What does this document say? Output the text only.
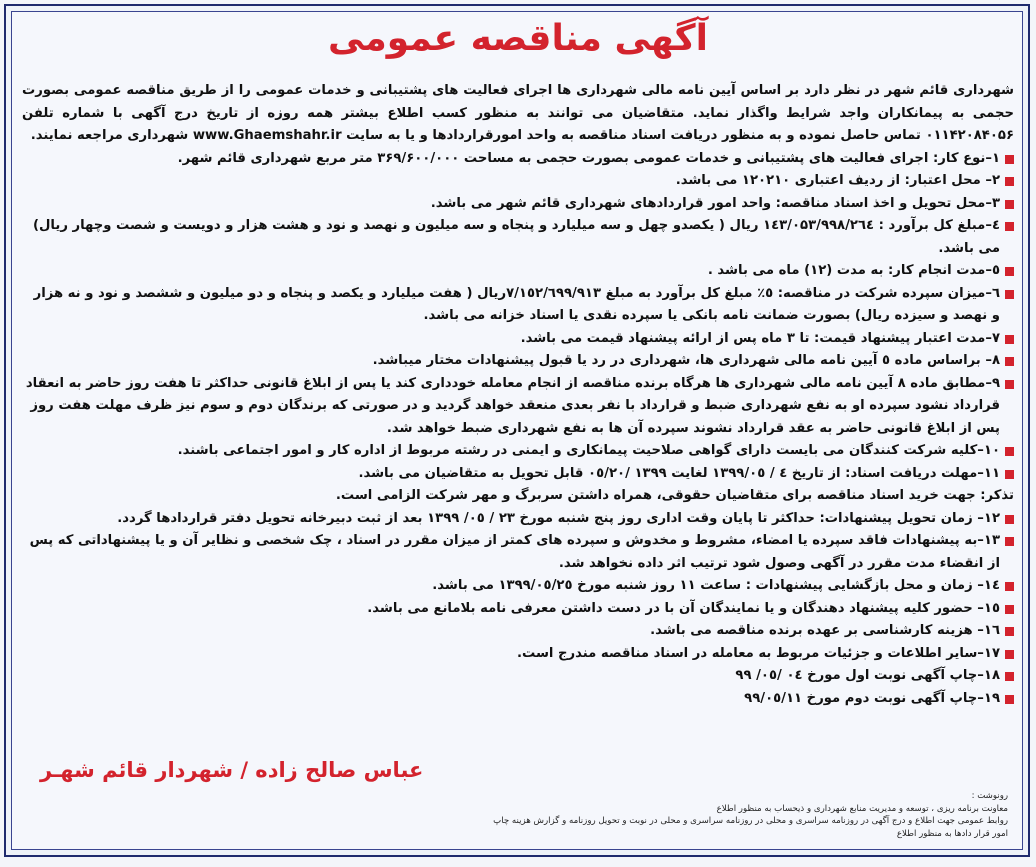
آگهی مناقصه عمومی

شهرداری قائم شهر در نظر دارد بر اساس آیین نامه مالی شهرداری ها اجرای فعالیت های پشتیبانی و خدمات عمومی را از طریق مناقصه عمومی بصورت حجمی به پیمانکاران واجد شرایط واگذار نماید. متقاضیان می توانند به منظور کسب اطلاع بیشتر همه روزه از تاریخ درج آگهی با شماره تلفن ۰۱۱۴۲۰۸۴۰۵۶ تماس حاصل نموده و به منظور دریافت اسناد مناقصه به واحد امورقراردادها و یا به سایت www.Ghaemshahr.ir شهرداری مراجعه نمایند.

۱–نوع کار: اجرای فعالیت های پشتیبانی و خدمات عمومی بصورت حجمی به مساحت ۳۶۹/۶۰۰/۰۰۰ متر مربع شهرداری قائم شهر.

۲– محل اعتبار: از ردیف اعتباری ۱۲۰۲۱۰ می باشد.

۳–محل تحویل و اخذ اسناد مناقصه: واحد امور قراردادهای شهرداری قائم شهر می باشد.

٤–مبلغ کل برآورد : ۱٤۳/۰۵۳/۹۹۸/۲٦٤ ریال ( یکصدو چهل و سه میلیارد و پنجاه و سه میلیون و نهصد و نود و هشت هزار و دویست و شصت وچهار ریال) می باشد.

٥–مدت انجام کار: به مدت (۱۲) ماه می باشد .

٦–میزان سپرده شرکت در مناقصه: ٥٪ مبلغ کل برآورد به مبلغ ۷/۱٥۲/٦۹۹/۹۱۳ریال ( هفت میلیارد و یکصد و پنجاه و دو میلیون و ششصد و نود و نه هزار و نهصد و سیزده ریال) بصورت ضمانت نامه بانکی یا سپرده نقدی یا اسناد خزانه می باشد.

۷–مدت اعتبار پیشنهاد قیمت: تا ۳ ماه پس از ارائه پیشنهاد قیمت می باشد.

۸– براساس ماده ٥ آیین نامه مالی شهرداری ها، شهرداری در رد یا قبول پیشنهادات مختار میباشد.

۹–مطابق ماده ۸ آیین نامه مالی شهرداری ها هرگاه برنده مناقصه از انجام معامله خودداری کند یا پس از ابلاغ قانونی حداکثر تا هفت روز حاضر به انعقاد قرارداد نشود سپرده او به نفع شهرداری ضبط و قرارداد با نفر بعدی منعقد خواهد گردید و در صورتی که برندگان دوم و سوم نیز ظرف مهلت هفت روز پس از ابلاغ قانونی حاضر به عقد قرارداد نشوند سپرده آن ها به نفع شهرداری ضبط خواهد شد.

۱۰–کلیه شرکت کنندگان می بایست دارای گواهی صلاحیت پیمانکاری و ایمنی در رشته مربوط از اداره کار و امور اجتماعی باشند.

۱۱–مهلت دریافت اسناد: از تاریخ ٤ / ۱۳۹۹/۰٥ لغایت ۱۳۹۹ /۰٥/۲۰ قابل تحویل به متقاضیان می باشد.

تذکر: جهت خرید اسناد مناقصه برای متقاضیان حقوقی، همراه داشتن سربرگ و مهر شرکت الزامی است.

۱۲– زمان تحویل پیشنهادات: حداکثر تا پایان وقت اداری روز پنج شنبه مورخ ۲۳ / ۰٥/ ۱۳۹۹ بعد از ثبت دبیرخانه تحویل دفتر قراردادها گردد.

۱۳–به پیشنهادات فاقد سپرده یا امضاء، مشروط و مخدوش و سپرده های کمتر از میزان مقرر در اسناد ، چک شخصی و نظایر آن و یا پیشنهاداتی که پس از انقضاء مدت مقرر در آگهی وصول شود ترتیب اثر داده نخواهد شد.

۱٤– زمان و محل بازگشایی پیشنهادات : ساعت ۱۱ روز شنبه مورخ ۱۳۹۹/۰٥/۲٥ می باشد.

۱٥– حضور کلیه پیشنهاد دهندگان و یا نمایندگان آن با در دست داشتن معرفی نامه بلامانع می باشد.

۱٦– هزینه کارشناسی بر عهده برنده مناقصه می باشد.

۱۷–سایر اطلاعات و جزئیات مربوط به معامله در اسناد مناقصه مندرج است.

۱۸–چاپ آگهی نوبت اول مورخ ۰٤ /۰٥/ ۹۹

۱۹–چاپ آگهی نوبت دوم مورخ ۹۹/۰٥/۱۱

عباس صالح زاده / شهردار قائم شهـر
رونوشت :
معاونت برنامه ریزی ، توسعه و مدیریت منابع شهرداری و ذیحساب به منظور اطلاع
روابط عمومی جهت اطلاع و درج آگهی در روزنامه سراسری و محلی در روزنامه سراسری و محلی در نوبت و تحویل روزنامه و گزارش هزینه چاپ
امور قرار دادها به منظور اطلاع
